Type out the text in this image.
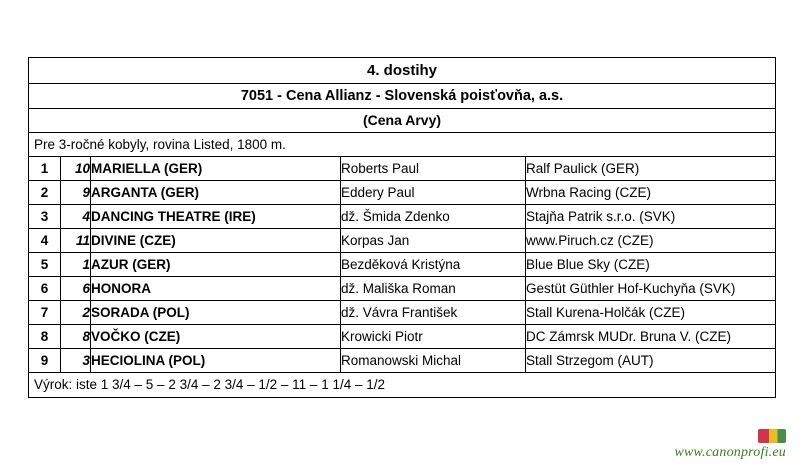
4. dostihy				
7051 - Cena Allianz - Slovenská poisťovňa, a.s.				
(Cena Arvy)				
Pre 3-ročné kobyly, rovina Listed, 1800 m.				
1	10	MARIELLA (GER)	Roberts Paul	Ralf Paulick (GER)
2	9	ARGANTA (GER)	Eddery Paul	Wrbna Racing (CZE)
3	4	DANCING THEATRE (IRE)	dž. Šmida Zdenko	Stajňa Patrik s.r.o. (SVK)
4	11	DIVINE (CZE)	Korpas Jan	www.Piruch.cz (CZE)
5	1	AZUR (GER)	Bezděková Kristýna	Blue Blue Sky (CZE)
6	6	HONORA	dž. Mališka Roman	Gestüt Güthler Hof-Kuchyňa (SVK)
7	2	SORADA (POL)	dž. Vávra František	Stall Kurena-Holčák (CZE)
8	8	VOČKO (CZE)	Krowicki Piotr	DC Zámrsk MUDr. Bruna V. (CZE)
9	3	HECIOLINA (POL)	Romanowski Michal	Stall Strzegom (AUT)
Výrok: iste 1 3/4 – 5 – 2 3/4 – 2 3/4 – 1/2 – 11 – 1 1/4 – 1/2				
www.canonprofi.eu
